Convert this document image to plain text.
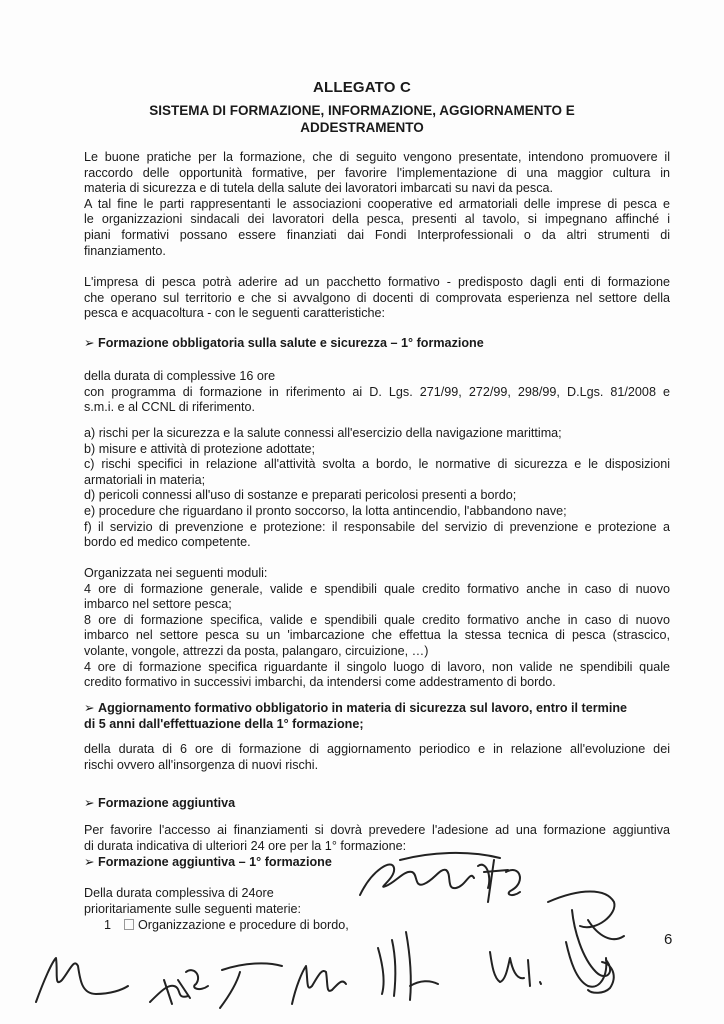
ALLEGATO C
SISTEMA DI FORMAZIONE, INFORMAZIONE, AGGIORNAMENTO E
ADDESTRAMENTO
Le buone pratiche per la formazione, che di seguito vengono presentate, intendono promuovere il
raccordo delle opportunità formative, per favorire l'implementazione di una maggior cultura in
materia di sicurezza e di tutela della salute dei lavoratori imbarcati su navi da pesca.
A tal fine le parti rappresentanti le associazioni cooperative ed armatoriali delle imprese di pesca e
le organizzazioni sindacali dei lavoratori della pesca, presenti al tavolo, si impegnano affinché i
piani formativi possano essere finanziati dai Fondi Interprofessionali o da altri strumenti di
finanziamento.
L'impresa di pesca potrà aderire ad un pacchetto formativo - predisposto dagli enti di formazione
che operano sul territorio e che si avvalgono di docenti di comprovata esperienza nel settore della
pesca e acquacoltura - con le seguenti caratteristiche:
➢ Formazione obbligatoria sulla salute e sicurezza – 1° formazione
della durata di complessive 16 ore
con programma di formazione in riferimento ai D. Lgs. 271/99, 272/99, 298/99, D.Lgs. 81/2008 e
s.m.i. e al CCNL di riferimento.
a) rischi per la sicurezza e la salute connessi all'esercizio della navigazione marittima;
b) misure e attività di protezione adottate;
c) rischi specifici in relazione all'attività svolta a bordo, le normative di sicurezza e le disposizioni
armatoriali in materia;
d) pericoli connessi all'uso di sostanze e preparati pericolosi presenti a bordo;
e) procedure che riguardano il pronto soccorso, la lotta antincendio, l'abbandono nave;
f) il servizio di prevenzione e protezione: il responsabile del servizio di prevenzione e protezione a
bordo ed medico competente.
Organizzata nei seguenti moduli:
4 ore di formazione generale, valide e spendibili quale credito formativo anche in caso di nuovo
imbarco nel settore pesca;
8 ore di formazione specifica, valide e spendibili quale credito formativo anche in caso di nuovo
imbarco nel settore pesca su un 'imbarcazione che effettua la stessa tecnica di pesca (strascico,
volante, vongole, attrezzi da posta, palangaro, circuizione, …)
4 ore di formazione specifica riguardante il singolo luogo di lavoro, non valide ne spendibili quale
credito formativo in successivi imbarchi, da intendersi come addestramento di bordo.
➢ Aggiornamento formativo obbligatorio in materia di sicurezza sul lavoro, entro il termine
di 5 anni dall'effettuazione della 1° formazione;
della durata di 6 ore di formazione di aggiornamento periodico e in relazione all'evoluzione dei
rischi ovvero all'insorgenza di nuovi rischi.
➢ Formazione aggiuntiva
Per favorire l'accesso ai finanziamenti si dovrà prevedere l'adesione ad una formazione aggiuntiva
di durata indicativa di ulteriori 24 ore per la 1° formazione:
➢ Formazione aggiuntiva – 1° formazione
Della durata complessiva di 24ore
prioritariamente sulle seguenti materie:
1 Organizzazione e procedure di bordo,
6
